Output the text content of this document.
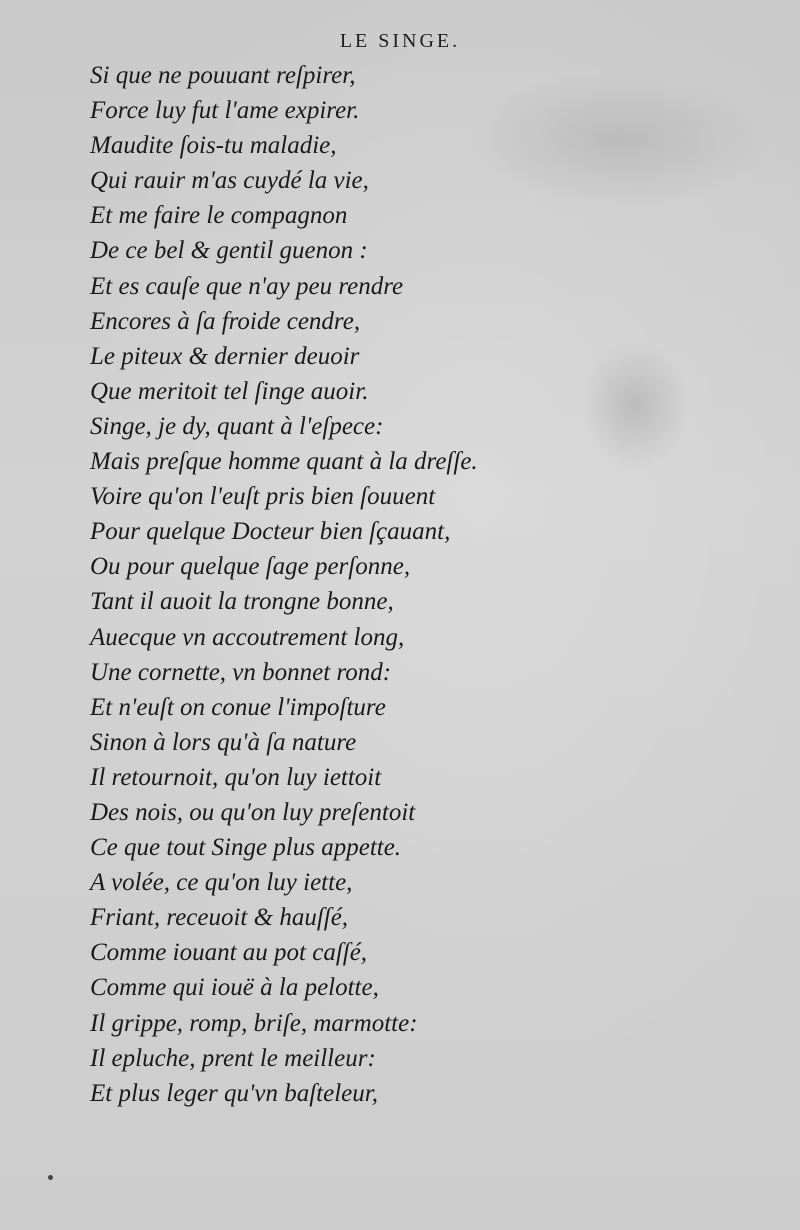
LE SINGE.
Si que ne pouuant reſpirer,
Force luy fut l'ame expirer.
Maudite ſois-tu maladie,
Qui rauir m'as cuydé la vie,
Et me faire le compagnon
De ce bel & gentil guenon :
Et es cauſe que n'ay peu rendre
Encores à ſa froide cendre,
Le piteux & dernier deuoir
Que meritoit tel ſinge auoir.
Singe, je dy, quant à l'eſpece:
Mais preſque homme quant à la dreſſe.
Voire qu'on l'euſt pris bien ſouuent
Pour quelque Docteur bien ſçauant,
Ou pour quelque ſage perſonne,
Tant il auoit la trongne bonne,
Auecque vn accoutrement long,
Une cornette, vn bonnet rond:
Et n'euſt on conue l'impoſture
Sinon à lors qu'à ſa nature
Il retournoit, qu'on luy iettoit
Des nois, ou qu'on luy preſentoit
Ce que tout Singe plus appette.
A volée, ce qu'on luy iette,
Friant, receuoit & hauſſé,
Comme iouant au pot caſſé,
Comme qui iouë à la pelotte,
Il grippe, romp, briſe, marmotte:
Il epluche, prent le meilleur:
Et plus leger qu'vn baſteleur,
